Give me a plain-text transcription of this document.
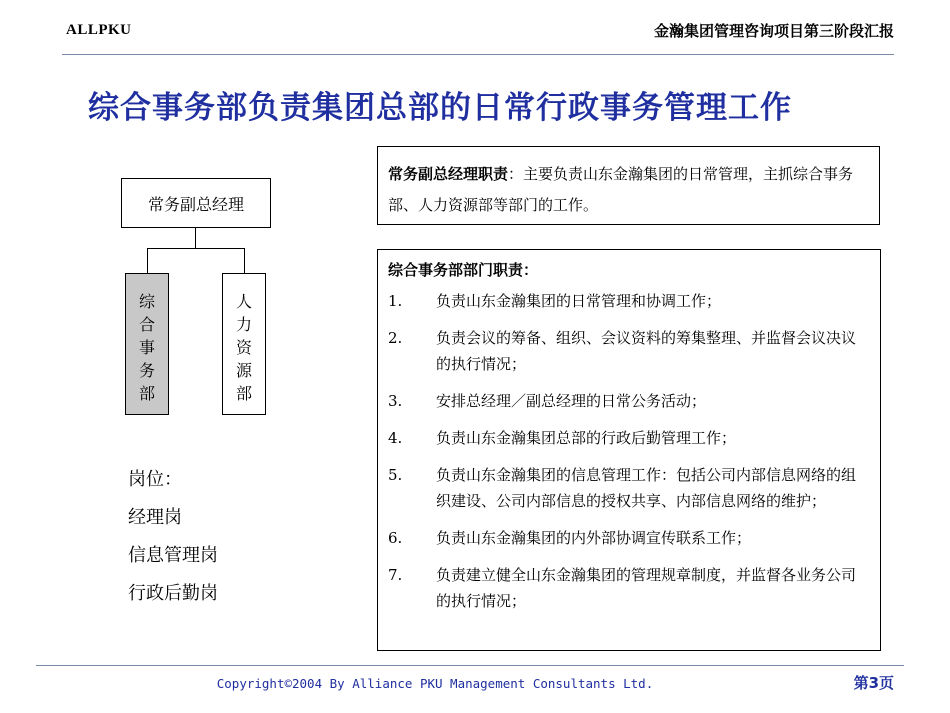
ALLPKU	金瀚集团管理咨询项目第三阶段汇报
综合事务部负责集团总部的日常行政事务管理工作
常务副总经理
综合事务部
人力资源部
岗位：
经理岗
信息管理岗
行政后勤岗
常务副总经理职责：主要负责山东金瀚集团的日常管理，主抓综合事务部、人力资源部等部门的工作。
综合事务部部门职责：
1.	负责山东金瀚集团的日常管理和协调工作；
2.	负责会议的筹备、组织、会议资料的筹集整理、并监督会议决议的执行情况；
3.	安排总经理／副总经理的日常公务活动；
4.	负责山东金瀚集团总部的行政后勤管理工作；
5.	负责山东金瀚集团的信息管理工作：包括公司内部信息网络的组织建设、公司内部信息的授权共享、内部信息网络的维护；
6.	负责山东金瀚集团的内外部协调宣传联系工作；
7.	负责建立健全山东金瀚集团的管理规章制度，并监督各业务公司的执行情况；
Copyright©2004 By Alliance PKU Management Consultants Ltd.	第3页
